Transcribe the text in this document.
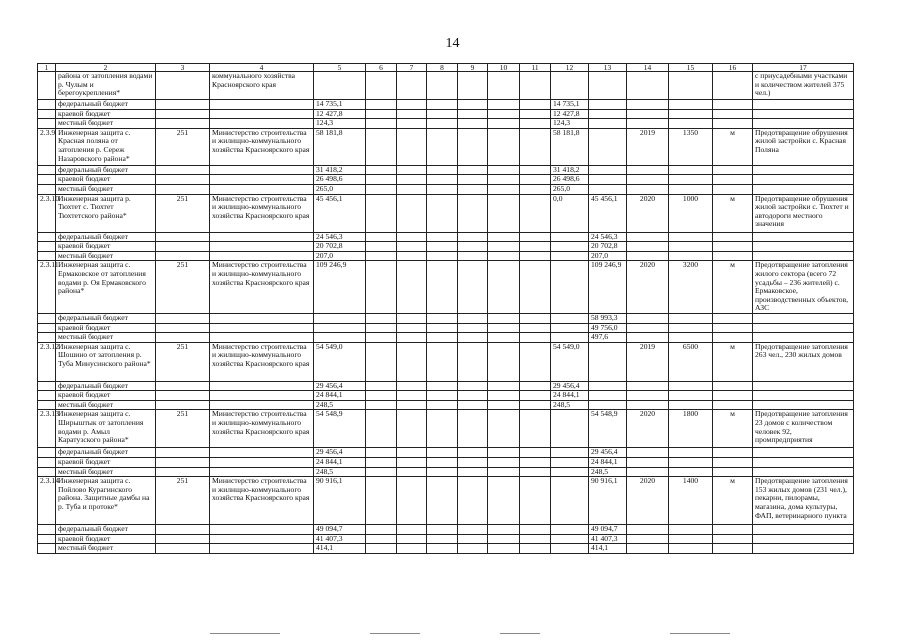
14
1	2	3	4	5	6	7	8	9	10	11	12	13	14	15	16	17
	района от затопления водами р. Чулым и берегоукрепления*		коммунального хозяйства Красноярского края													с приусадебными участками и количеством жителей 375 чел.)
	федеральный бюджет			14 735,1							14 735,1					
	краевой бюджет			12 427,8							12 427,8					
	местный бюджет			124,3							124,3					
2.3.9	Инженерная защита с. Красная поляна от затопления р. Сереж Назаровского района*	251	Министерство строительства и жилищно-коммунального хозяйства Красноярского края	58 181,8							58 181,8		2019	1350	м	Предотвращение обрушения жилой застройки с. Красная Поляна
	федеральный бюджет			31 418,2							31 418,2					
	краевой бюджет			26 498,6							26 498,6					
	местный бюджет			265,0							265,0					
2.3.10	Инженерная защита р. Тюхтет с. Тюхтет Тюхтетского района*	251	Министерство строительства и жилищно-коммунального хозяйства Красноярского края	45 456,1							0,0	45 456,1	2020	1000	м	Предотвращение обрушения жилой застройки с. Тюхтет и автодороги местного значения
	федеральный бюджет			24 546,3								24 546,3				
	краевой бюджет			20 702,8								20 702,8				
	местный бюджет			207,0								207,0				
2.3.11	Инженерная защита с. Ермаковское от затопления водами р. Оя Ермаковского района*	251	Министерство строительства и жилищно-коммунального хозяйства Красноярского края	109 246,9								109 246,9	2020	3200	м	Предотвращение затопления жилого сектора (всего 72 усадьбы – 236 жителей) с. Ермаковское, производственных объектов, АЗС
	федеральный бюджет											58 993,3				
	краевой бюджет											49 756,0				
	местный бюджет											497,6				
2.3.12	Инженерная защита с. Шошино от затопления р. Туба Минусинского района*	251	Министерство строительства и жилищно-коммунального хозяйства Красноярского края	54 549,0							54 549,0		2019	6500	м	Предотвращение затопления 263 чел., 230 жилых домов
	федеральный бюджет			29 456,4							29 456,4					
	краевой бюджет			24 844,1							24 844,1					
	местный бюджет			248,5							248,5					
2.3.13	Инженерная защита с. Ширыштык от затопления водами р. Амыл Каратузского района*	251	Министерство строительства и жилищно-коммунального хозяйства Красноярского края	54 548,9								54 548,9	2020	1800	м	Предотвращение затопления 23 домов с количеством человек 92, промпредприятия
	федеральный бюджет			29 456,4								29 456,4				
	краевой бюджет			24 844,1								24 844,1				
	местный бюджет			248,5								248,5				
2.3.14	Инженерная защита с. Пойлово Курагинского района. Защитные дамбы на р. Туба и протоке*	251	Министерство строительства и жилищно-коммунального хозяйства Красноярского края	90 916,1								90 916,1	2020	1400	м	Предотвращение затопления 153 жилых домов (231 чел.), пекарни, пилорамы, магазина, дома культуры, ФАП, ветеринарного пункта
	федеральный бюджет			49 094,7								49 094,7				
	краевой бюджет			41 407,3								41 407,3				
	местный бюджет			414,1								414,1				
